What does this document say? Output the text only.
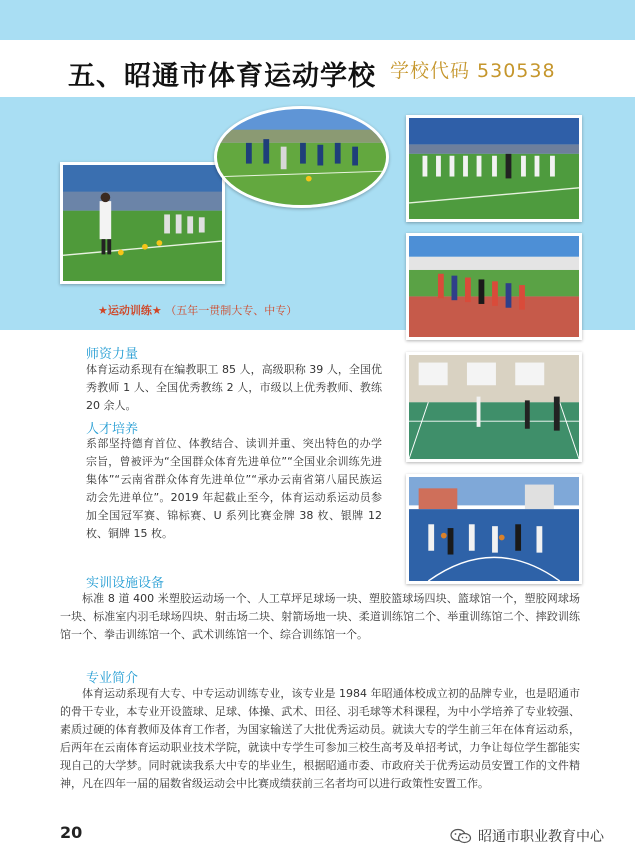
五、昭通市体育运动学校 学校代码 530538
★运动训练★ （五年一贯制大专、中专）
师资力量
体育运动系现有在编教职工 85 人，高级职称 39 人，全国优秀教师 1 人、全国优秀教练 2 人，市级以上优秀教师、教练 20 余人。
人才培养
系部坚持德育首位、体教结合、读训并重、突出特色的办学宗旨，曾被评为“全国群众体育先进单位”“全国业余训练先进集体”“云南省群众体育先进单位”“承办云南省第八届民族运动会先进单位”。2019 年起截止至今，体育运动系运动员参加全国冠军赛、锦标赛、U 系列比赛金牌 38 枚、银牌 12 枚、铜牌 15 枚。
实训设施设备
标准 8 道 400 米塑胶运动场一个、人工草坪足球场一块、塑胶篮球场四块、篮球馆一个，塑胶网球场一块、标准室内羽毛球场四块、射击场二块、射箭场地一块、柔道训练馆二个、举重训练馆二个、摔跤训练馆一个、拳击训练馆一个、武术训练馆一个、综合训练馆一个。
专业简介
体育运动系现有大专、中专运动训练专业，该专业是 1984 年昭通体校成立初的品牌专业，也是昭通市的骨干专业，本专业开设篮球、足球、体操、武术、田径、羽毛球等术科课程，为中小学培养了专业较强、素质过硬的体育教师及体育工作者，为国家输送了大批优秀运动员。就读大专的学生前三年在体育运动系，后两年在云南体育运动职业技术学院，就读中专学生可参加三校生高考及单招考试，力争让每位学生都能实现自己的大学梦。同时就读我系大中专的毕业生，根据昭通市委、市政府关于优秀运动员安置工作的文件精神，凡在四年一届的届数省级运动会中比赛成绩获前三名者均可以进行政策性安置工作。
20	昭通市职业教育中心
